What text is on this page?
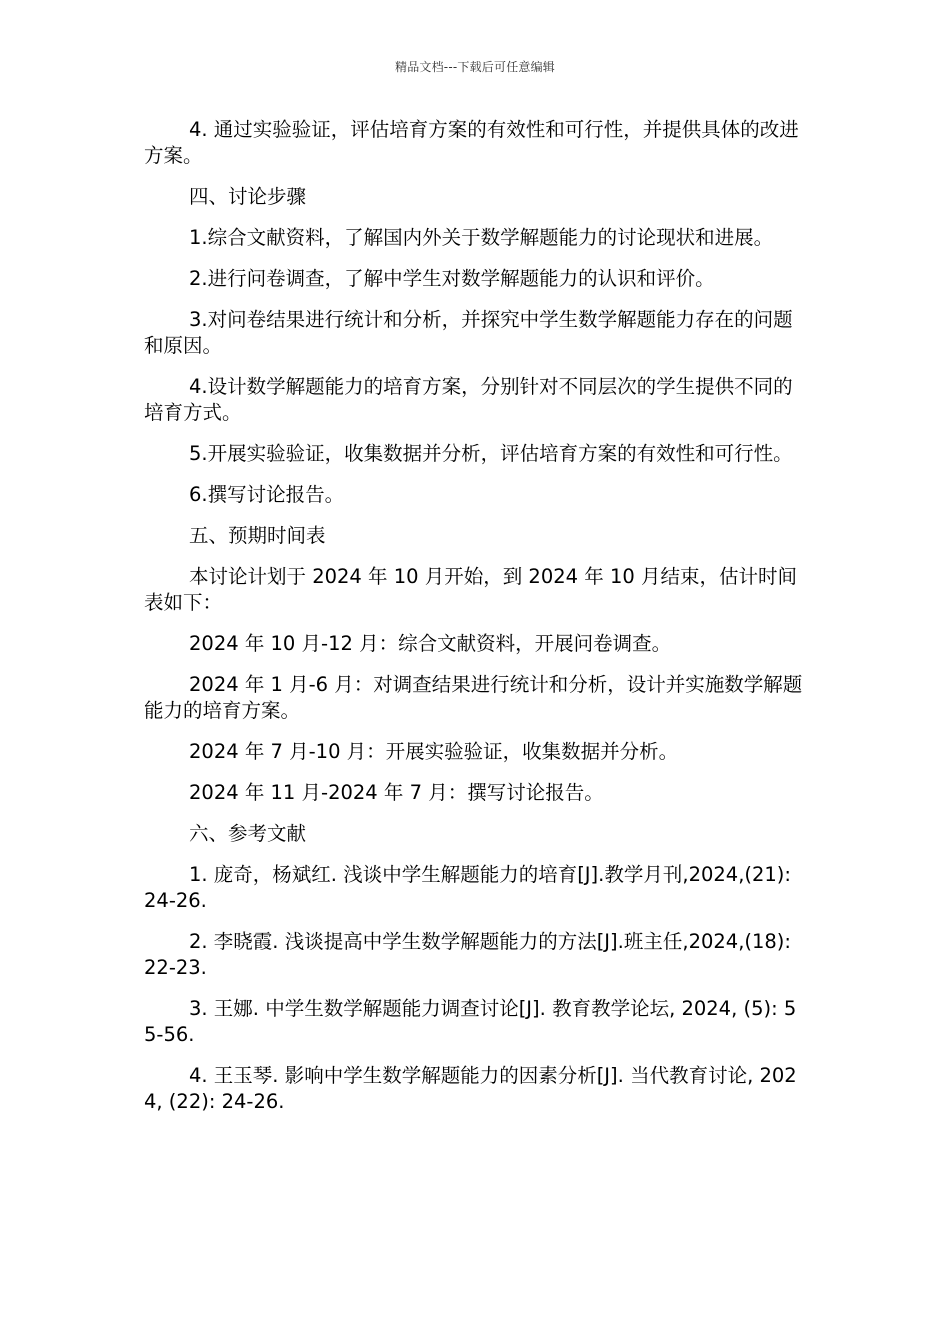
精品文档---下载后可任意编辑

4. 通过实验验证，评估培育方案的有效性和可行性，并提供具体的改进方案。

四、讨论步骤

1.综合文献资料，了解国内外关于数学解题能力的讨论现状和进展。

2.进行问卷调查，了解中学生对数学解题能力的认识和评价。

3.对问卷结果进行统计和分析，并探究中学生数学解题能力存在的问题和原因。

4.设计数学解题能力的培育方案，分别针对不同层次的学生提供不同的培育方式。

5.开展实验验证，收集数据并分析，评估培育方案的有效性和可行性。

6.撰写讨论报告。

五、预期时间表

本讨论计划于 2024 年 10 月开始，到 2024 年 10 月结束，估计时间表如下：

2024 年 10 月-12 月：综合文献资料，开展问卷调查。

2024 年 1 月-6 月：对调查结果进行统计和分析，设计并实施数学解题能力的培育方案。

2024 年 7 月-10 月：开展实验验证，收集数据并分析。

2024 年 11 月-2024 年 7 月：撰写讨论报告。

六、参考文献

1. 庞奇，杨斌红. 浅谈中学生解题能力的培育[J].教学月刊,2024,(21): 24-26.

2. 李晓霞. 浅谈提高中学生数学解题能力的方法[J].班主任,2024,(18): 22-23.

3. 王娜. 中学生数学解题能力调查讨论[J]. 教育教学论坛, 2024, (5): 55-56.

4. 王玉琴. 影响中学生数学解题能力的因素分析[J]. 当代教育讨论, 2024, (22): 24-26.
